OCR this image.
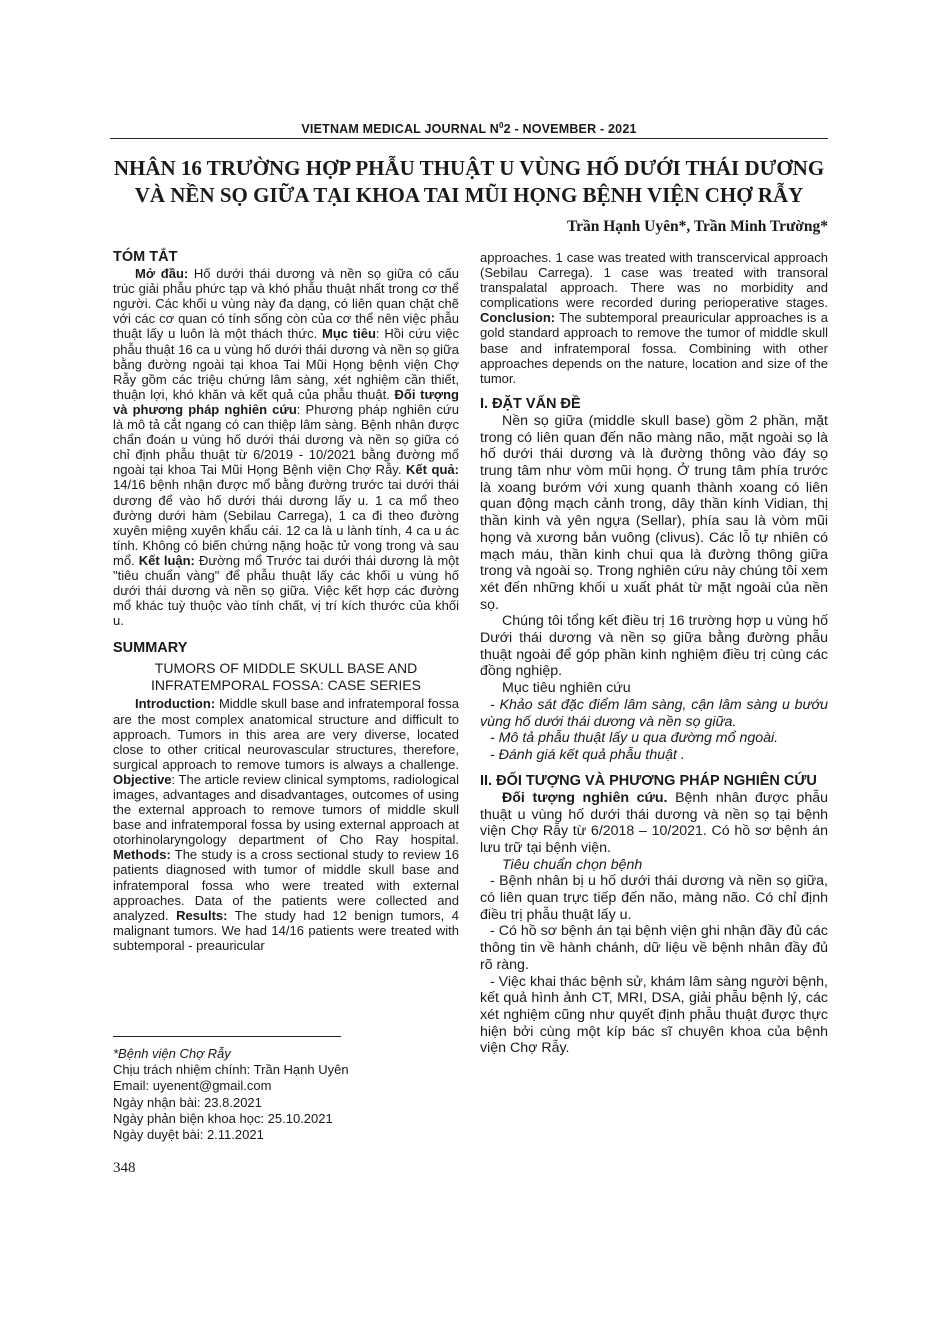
VIETNAM MEDICAL JOURNAL $N^02$ - NOVEMBER - 2021
NHÂN 16 TRƯỜNG HỢP PHẪU THUẬT U VÙNG HỐ DƯỚI THÁI DƯƠNG
VÀ NỀN SỌ GIỮA TẠI KHOA TAI MŨI HỌNG BỆNH VIỆN CHỢ RẪY
Trần Hạnh Uyên*, Trần Minh Trường*
TÓM TẮT

Mở đầu: Hố dưới thái dương và nền sọ giữa có cấu trúc giải phẫu phức tạp và khó phẫu thuật nhất trong cơ thể người. Các khối u vùng này đa dạng, có liên quan chặt chẽ với các cơ quan có tính sống còn của cơ thể nên việc phẫu thuật lấy u luôn là một thách thức. Mục tiêu: Hồi cứu việc phẫu thuật 16 ca u vùng hố dưới thái dương và nền sọ giữa bằng đường ngoài tại khoa Tai Mũi Họng bệnh viện Chợ Rẫy gồm các triệu chứng lâm sàng, xét nghiệm cần thiết, thuận lợi, khó khăn và kết quả của phẫu thuật. Đối tượng và phương pháp nghiên cứu: Phương pháp nghiên cứu là mô tả cắt ngang có can thiệp lâm sàng. Bệnh nhân được chẩn đoán u vùng hố dưới thái dương và nền sọ giữa có chỉ định phẫu thuật từ 6/2019 - 10/2021 bằng đường mổ ngoài tại khoa Tai Mũi Họng Bệnh viện Chợ Rẫy. Kết quả: 14/16 bệnh nhận được mổ bằng đường trước tai dưới thái dương để vào hố dưới thái dương lấy u. 1 ca mổ theo đường dưới hàm (Sebilau Carrega), 1 ca đi theo đường xuyên miệng xuyên khẩu cái. 12 ca là u lành tính, 4 ca u ác tính. Không có biến chứng nặng hoặc tử vong trong và sau mổ. Kết luận: Đường mổ Trước tai dưới thái dương là một "tiêu chuẩn vàng" để phẫu thuật lấy các khối u vùng hố dưới thái dương và nền sọ giữa. Việc kết hợp các đường mổ khác tuỳ thuộc vào tính chất, vị trí kích thước của khối u.

SUMMARY
TUMORS OF MIDDLE SKULL BASE AND INFRATEMPORAL FOSSA: CASE SERIES

Introduction: Middle skull base and infratemporal fossa are the most complex anatomical structure and difficult to approach. Tumors in this area are very diverse, located close to other critical neurovascular structures, therefore, surgical approach to remove tumors is always a challenge. Objective: The article review clinical symptoms, radiological images, advantages and disadvantages, outcomes of using the external approach to remove tumors of middle skull base and infratemporal fossa by using external approach at otorhinolaryngology department of Cho Ray hospital. Methods: The study is a cross sectional study to review 16 patients diagnosed with tumor of middle skull base and infratemporal fossa who were treated with external approaches. Data of the patients were collected and analyzed. Results: The study had 12 benign tumors, 4 malignant tumors. We had 14/16 patients were treated with subtemporal - preauricular

approaches. 1 case was treated with transcervical approach (Sebilau Carrega). 1 case was treated with transoral transpalatal approach. There was no morbidity and complications were recorded during perioperative stages. Conclusion: The subtemporal preauricular approaches is a gold standard approach to remove the tumor of middle skull base and infratemporal fossa. Combining with other approaches depends on the nature, location and size of the tumor.

I. ĐẶT VẤN ĐỀ

Nền sọ giữa (middle skull base) gồm 2 phần, mặt trong có liên quan đến não màng não, mặt ngoài sọ là hố dưới thái dương và là đường thông vào đáy sọ trung tâm như vòm mũi họng. Ở trung tâm phía trước là xoang bướm với xung quanh thành xoang có liên quan động mạch cảnh trong, dây thần kinh Vidian, thị thần kinh và yên ngựa (Sellar), phía sau là vòm mũi họng và xương bản vuông (clivus). Các lỗ tự nhiên có mạch máu, thần kinh chui qua là đường thông giữa trong và ngoài sọ. Trong nghiên cứu này chúng tôi xem xét đến những khối u xuất phát từ mặt ngoài của nền sọ.

Chúng tôi tổng kết điều trị 16 trường hợp u vùng hố Dưới thái dương và nền sọ giữa bằng đường phẫu thuật ngoài để góp phần kinh nghiệm điều trị cùng các đồng nghiệp.

Mục tiêu nghiên cứu

- Khảo sát đặc điểm lâm sàng, cận lâm sàng u bướu vùng hố dưới thái dương và nền sọ giữa.

- Mô tả phẫu thuật lấy u qua đường mổ ngoài.

- Đánh giá kết quả phẫu thuật .

II. ĐỐI TƯỢNG VÀ PHƯƠNG PHÁP NGHIÊN CỨU

Đối tượng nghiên cứu. Bệnh nhân được phẫu thuật u vùng hố dưới thái dương và nền sọ tại bệnh viện Chợ Rẫy từ 6/2018 – 10/2021. Có hồ sơ bệnh án lưu trữ tại bệnh viện.

Tiêu chuẩn chọn bệnh

- Bệnh nhân bị u hố dưới thái dương và nền sọ giữa, có liên quan trực tiếp đến não, màng não. Có chỉ định điều trị phẫu thuật lấy u.

- Có hồ sơ bệnh án tại bệnh viện ghi nhận đầy đủ các thông tin về hành chánh, dữ liệu về bệnh nhân đầy đủ rõ ràng.

- Việc khai thác bệnh sử, khám lâm sàng người bệnh, kết quả hình ảnh CT, MRI, DSA, giải phẫu bệnh lý, các xét nghiệm cũng như quyết định phẫu thuật được thực hiện bởi cùng một kíp bác sĩ chuyên khoa của bệnh viện Chợ Rẫy.

*Bệnh viện Chợ Rẫy
Chịu trách nhiệm chính: Trần Hạnh Uyên
Email: uyenent@gmail.com
Ngày nhận bài: 23.8.2021
Ngày phản biện khoa học: 25.10.2021
Ngày duyệt bài: 2.11.2021
348
